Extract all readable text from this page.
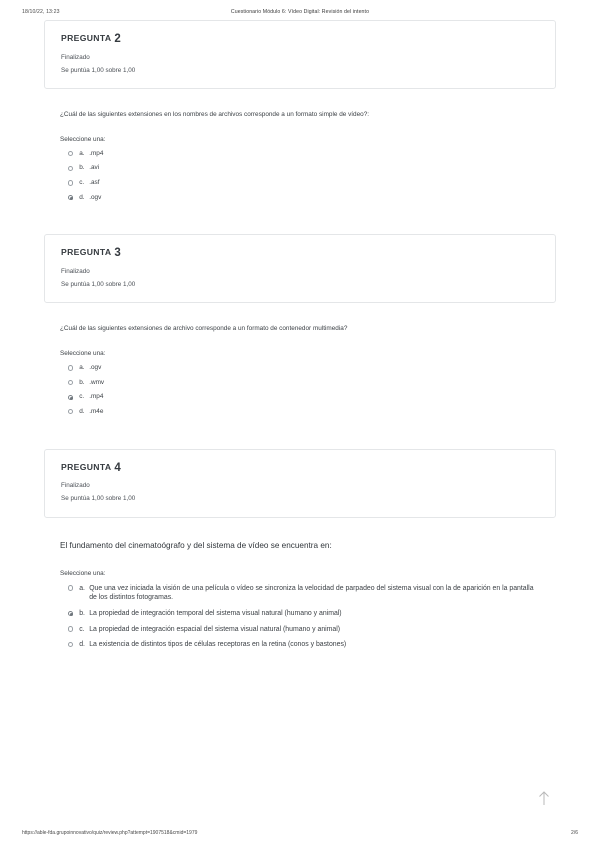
18/10/22, 13:23	Cuestionario Módulo 6: Vídeo Digital: Revisión del intento
PREGUNTA 2
Finalizado
Se puntúa 1,00 sobre 1,00
¿Cuál de las siguientes extensiones en los nombres de archivos corresponde a un formato simple de vídeo?:
Seleccione una:
a. .mp4
b. .avi
c. .asf
d. .ogv
PREGUNTA 3
Finalizado
Se puntúa 1,00 sobre 1,00
¿Cuál de las siguientes extensiones de archivo corresponde a un formato de contenedor multimedia?
Seleccione una:
a. .ogv
b. .wmv
c. .mp4
d. .m4e
PREGUNTA 4
Finalizado
Se puntúa 1,00 sobre 1,00
El fundamento del cinematoógrafo y del sistema de vídeo se encuentra en:
Seleccione una:
a. Que una vez iniciada la visión de una película o vídeo se sincroniza la velocidad de parpadeo del sistema visual con la de aparición en la pantalla de los distintos fotogramas.
b. La propiedad de integración temporal del sistema visual natural (humano y animal)
c. La propiedad de integración espacial del sistema visual natural (humano y animal)
d. La existencia de distintos tipos de células receptoras en la retina (conos y bastones)
https://able-fda.grupoinnovativo/quiz/review.php?attempt=1907518&cmid=1979	2/6
